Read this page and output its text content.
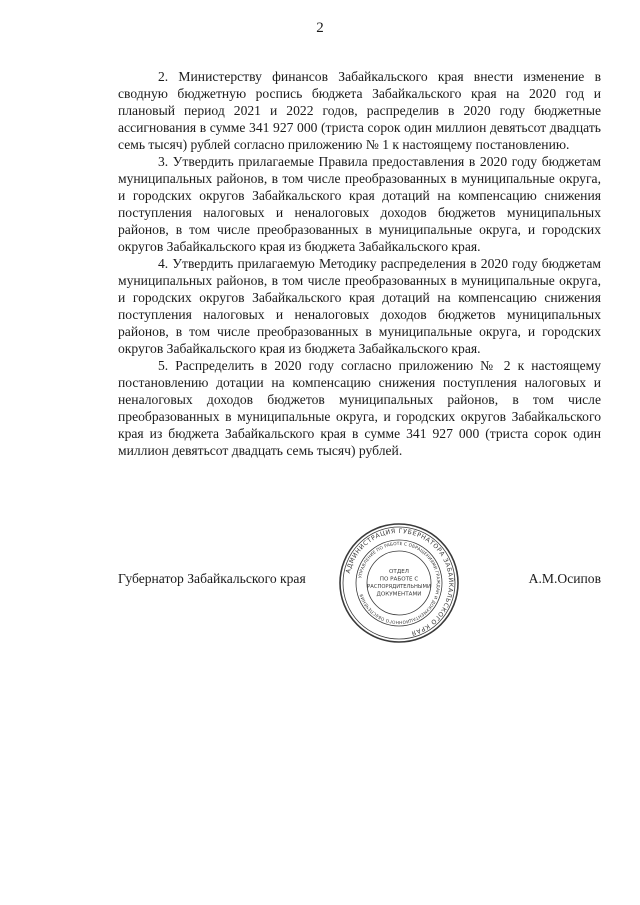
2

2. Министерству финансов Забайкальского края внести изменение в сводную бюджетную роспись бюджета Забайкальского края на 2020 год и плановый период 2021 и 2022 годов, распределив в 2020 году бюджетные ассигнования в сумме 341 927 000 (триста сорок один миллион девятьсот двадцать семь тысяч) рублей согласно приложению № 1 к настоящему постановлению.

3. Утвердить прилагаемые Правила предоставления в 2020 году бюджетам муниципальных районов, в том числе преобразованных в муниципальные округа, и городских округов Забайкальского края дотаций на компенсацию снижения поступления налоговых и неналоговых доходов бюджетов муниципальных районов, в том числе преобразованных в муниципальные округа, и городских округов Забайкальского края из бюджета Забайкальского края.

4. Утвердить прилагаемую Методику распределения в 2020 году бюджетам муниципальных районов, в том числе преобразованных в муниципальные округа, и городских округов Забайкальского края дотаций на компенсацию снижения поступления налоговых и неналоговых доходов бюджетов муниципальных районов, в том числе преобразованных в муниципальные округа, и городских округов Забайкальского края из бюджета Забайкальского края.

5. Распределить в 2020 году согласно приложению № 2 к настоящему постановлению дотации на компенсацию снижения поступления налоговых и неналоговых доходов бюджетов муниципальных районов, в том числе преобразованных в муниципальные округа, и городских округов Забайкальского края из бюджета Забайкальского края в сумме 341 927 000 (триста сорок один миллион девятьсот двадцать семь тысяч) рублей.

Губернатор Забайкальского края	А.М.Осипов
АДМИНИСТРАЦИЯ ГУБЕРНАТОРА ЗАБАЙКАЛЬСКОГО КРАЯ
УПРАВЛЕНИЕ ПО РАБОТЕ С ОБРАЩЕНИЯМИ ГРАЖДАН И ДОКУМЕНТАЦИОННОГО ОБЕСПЕЧЕНИЯ
ОТДЕЛ
ПО РАБОТЕ С
РАСПОРЯДИТЕЛЬНЫМИ
ДОКУМЕНТАМИ
